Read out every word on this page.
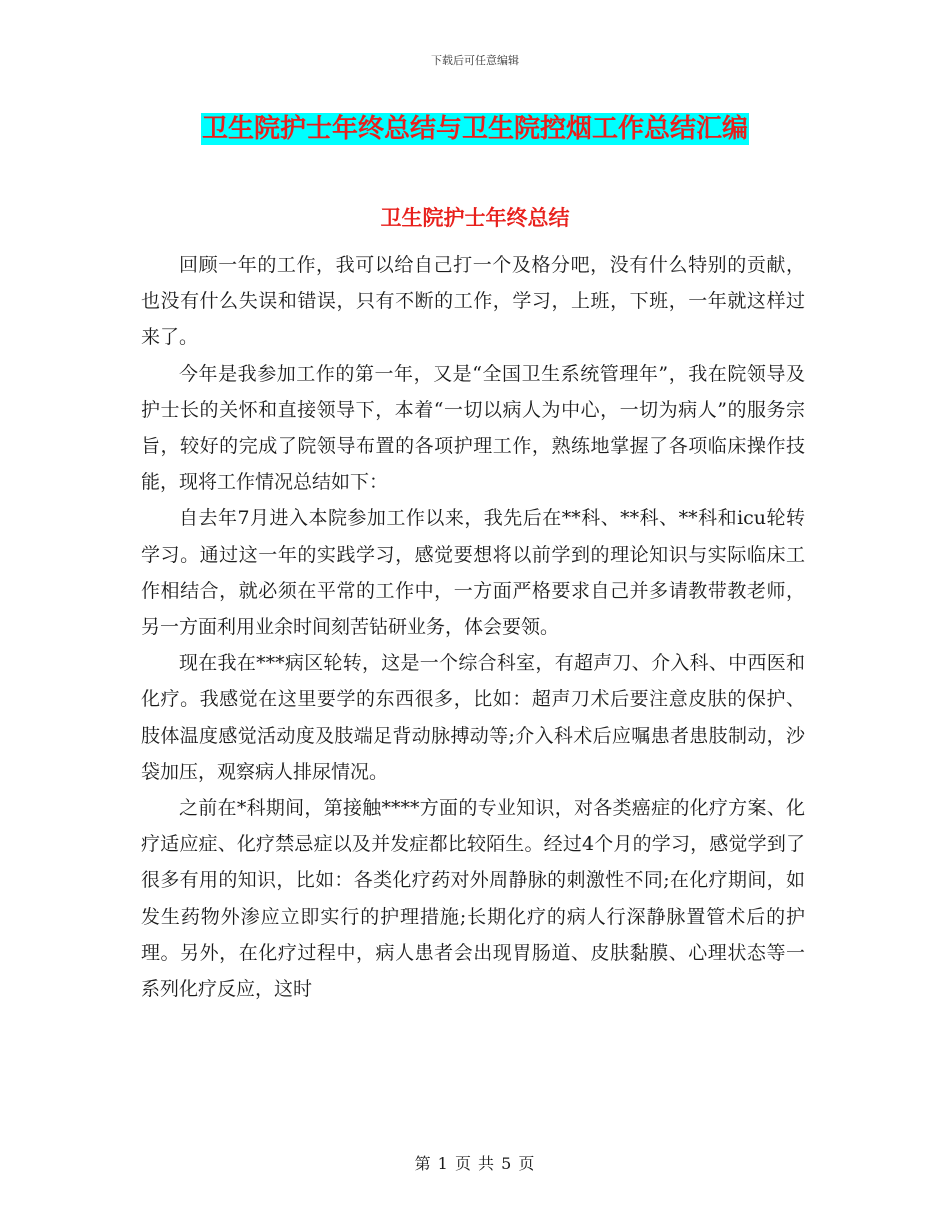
下载后可任意编辑
卫生院护士年终总结与卫生院控烟工作总结汇编
卫生院护士年终总结

回顾一年的工作，我可以给自己打一个及格分吧，没有什么特别的贡献，也没有什么失误和错误，只有不断的工作，学习，上班，下班，一年就这样过来了。

今年是我参加工作的第一年，又是“全国卫生系统管理年”，我在院领导及护士长的关怀和直接领导下，本着“一切以病人为中心，一切为病人”的服务宗旨，较好的完成了院领导布置的各项护理工作，熟练地掌握了各项临床操作技能，现将工作情况总结如下：

自去年7月进入本院参加工作以来，我先后在**科、**科、**科和icu轮转学习。通过这一年的实践学习，感觉要想将以前学到的理论知识与实际临床工作相结合，就必须在平常的工作中，一方面严格要求自己并多请教带教老师，另一方面利用业余时间刻苦钻研业务，体会要领。

现在我在***病区轮转，这是一个综合科室，有超声刀、介入科、中西医和化疗。我感觉在这里要学的东西很多，比如：超声刀术后要注意皮肤的保护、肢体温度感觉活动度及肢端足背动脉搏动等;介入科术后应嘱患者患肢制动，沙袋加压，观察病人排尿情况。

之前在*科期间，第接触****方面的专业知识，对各类癌症的化疗方案、化疗适应症、化疗禁忌症以及并发症都比较陌生。经过4个月的学习，感觉学到了很多有用的知识，比如：各类化疗药对外周静脉的刺激性不同;在化疗期间，如发生药物外渗应立即实行的护理措施;长期化疗的病人行深静脉置管术后的护理。另外，在化疗过程中，病人患者会出现胃肠道、皮肤黏膜、心理状态等一系列化疗反应，这时

第 1 页 共 5 页
